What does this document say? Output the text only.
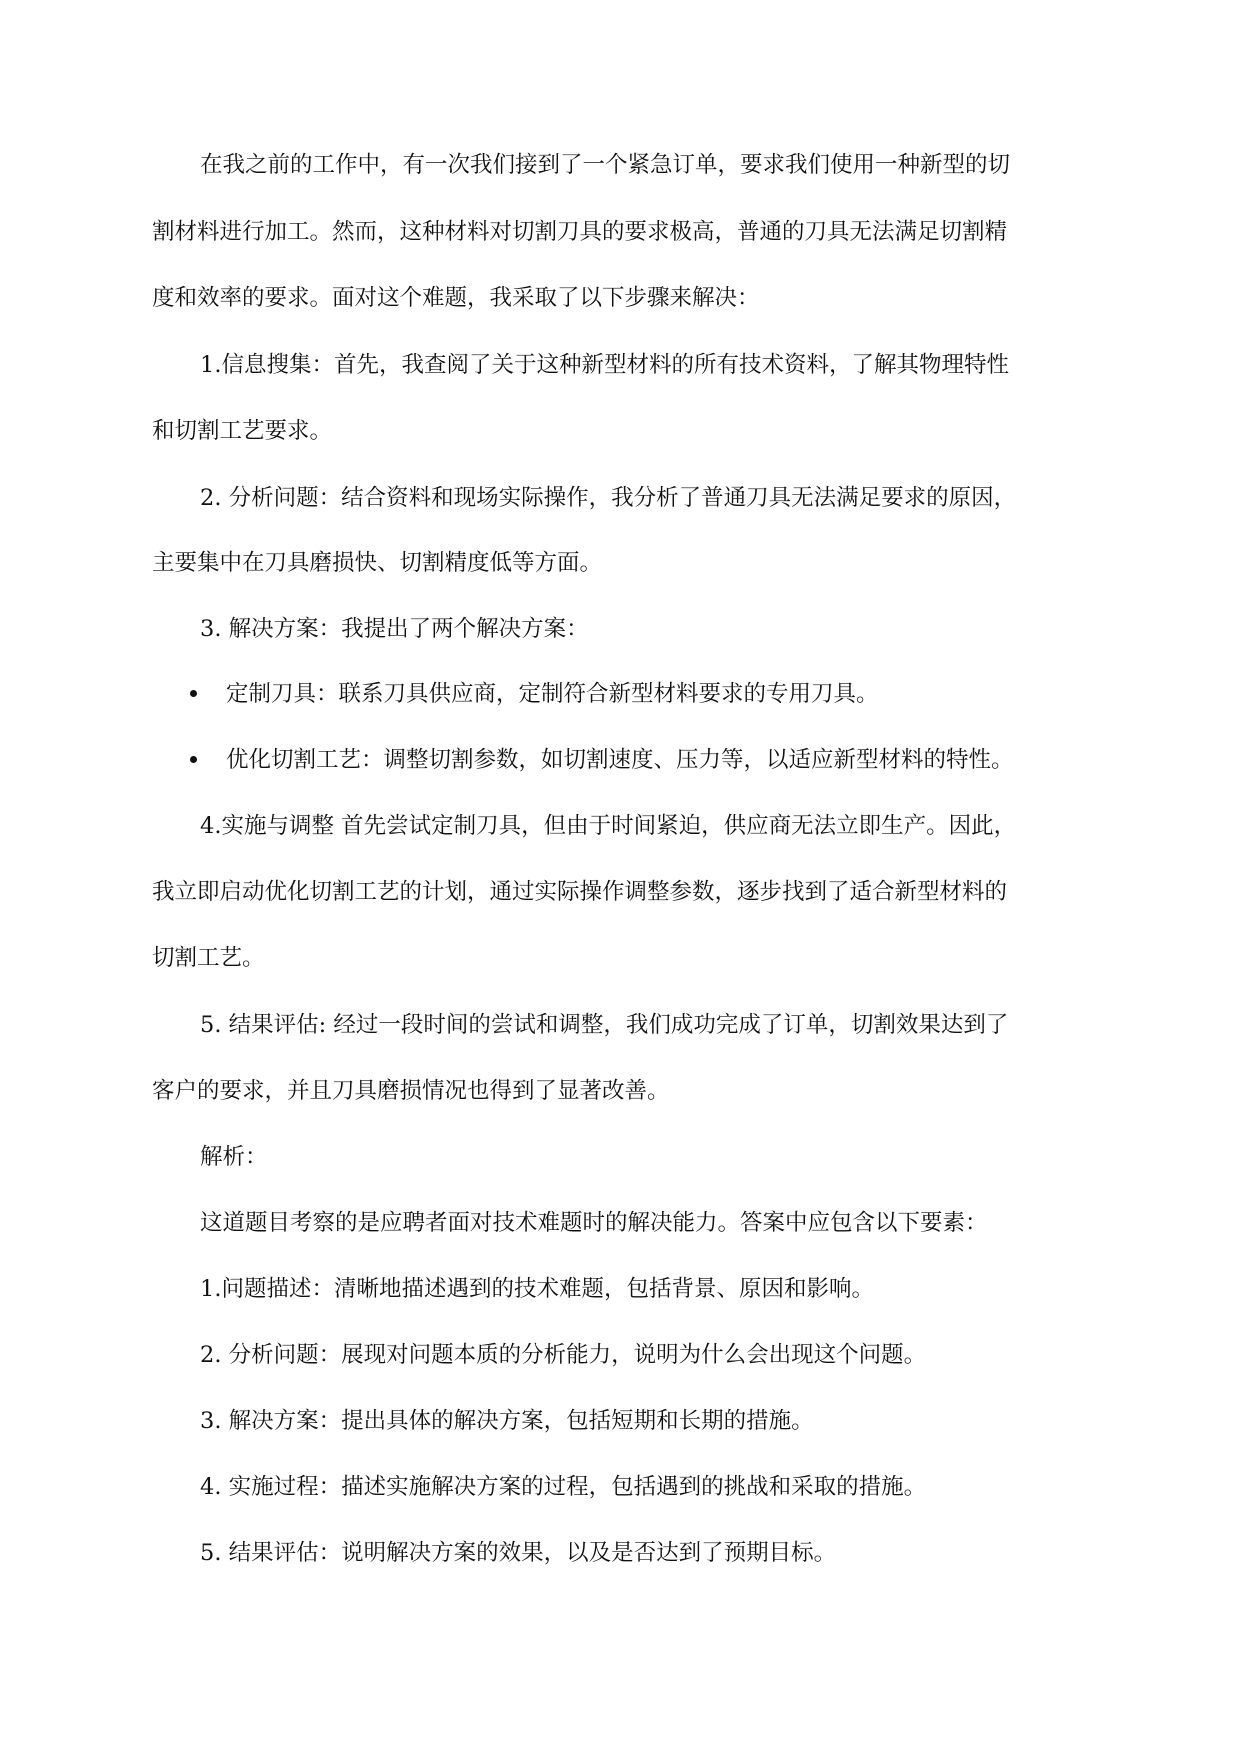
在我之前的工作中，有一次我们接到了一个紧急订单，要求我们使用一种新型的切
割材料进行加工。然而，这种材料对切割刀具的要求极高，普通的刀具无法满足切割精
度和效率的要求。面对这个难题，我采取了以下步骤来解决：
1.信息搜集：首先，我查阅了关于这种新型材料的所有技术资料，了解其物理特性
和切割工艺要求。
2. 分析问题：结合资料和现场实际操作，我分析了普通刀具无法满足要求的原因，
主要集中在刀具磨损快、切割精度低等方面。
3. 解决方案：我提出了两个解决方案：
定制刀具：联系刀具供应商，定制符合新型材料要求的专用刀具。
优化切割工艺：调整切割参数，如切割速度、压力等，以适应新型材料的特性。
4.实施与调整 首先尝试定制刀具，但由于时间紧迫，供应商无法立即生产。因此，
我立即启动优化切割工艺的计划，通过实际操作调整参数，逐步找到了适合新型材料的
切割工艺。
5. 结果评估: 经过一段时间的尝试和调整，我们成功完成了订单，切割效果达到了
客户的要求，并且刀具磨损情况也得到了显著改善。
解析：
这道题目考察的是应聘者面对技术难题时的解决能力。答案中应包含以下要素：
1.问题描述：清晰地描述遇到的技术难题，包括背景、原因和影响。
2. 分析问题：展现对问题本质的分析能力，说明为什么会出现这个问题。
3. 解决方案：提出具体的解决方案，包括短期和长期的措施。
4. 实施过程：描述实施解决方案的过程，包括遇到的挑战和采取的措施。
5. 结果评估：说明解决方案的效果，以及是否达到了预期目标。
